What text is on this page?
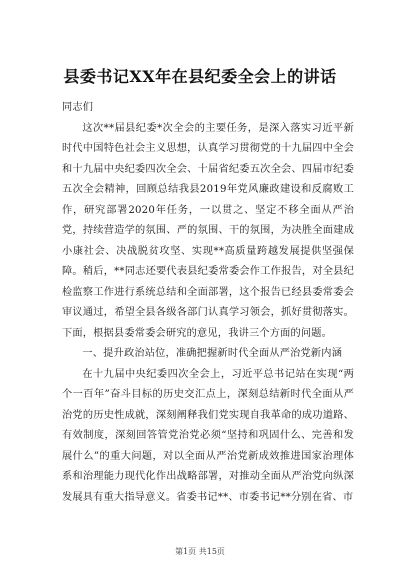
县委书记XX年在县纪委全会上的讲话

同志们

这次**届县纪委*次全会的主要任务，是深入落实习近平新时代中国特色社会主义思想，认真学习贯彻党的十九届四中全会和十九届中央纪委四次全会、十届省纪委五次全会、四届市纪委五次全会精神，回顾总结我县2019年党风廉政建设和反腐败工作，研究部署2020年任务，一以贯之、坚定不移全面从严治党，持续营造学的氛围、严的氛围、干的氛围，为决胜全面建成小康社会、决战脱贫攻坚、实现**高质量跨越发展提供坚强保障。稍后，**同志还要代表县纪委常委会作工作报告，对全县纪检监察工作进行系统总结和全面部署，这个报告已经县委常委会审议通过，希望全县各级各部门认真学习领会，抓好贯彻落实。下面，根据县委常委会研究的意见，我讲三个方面的问题。

一、提升政治站位，准确把握新时代全面从严治党新内涵

在十九届中央纪委四次全会上，习近平总书记站在实现“两个一百年”奋斗目标的历史交汇点上，深刻总结新时代全面从严治党的历史性成就，深刻阐释我们党实现自我革命的成功道路、有效制度，深刻回答管党治党必须“坚持和巩固什么、完善和发展什么”的重大问题，对以全面从严治党新成效推进国家治理体系和治理能力现代化作出战略部署，对推动全面从严治党向纵深发展具有重大指导意义。省委书记**、市委书记**分别在省、市

第1页 共15页
